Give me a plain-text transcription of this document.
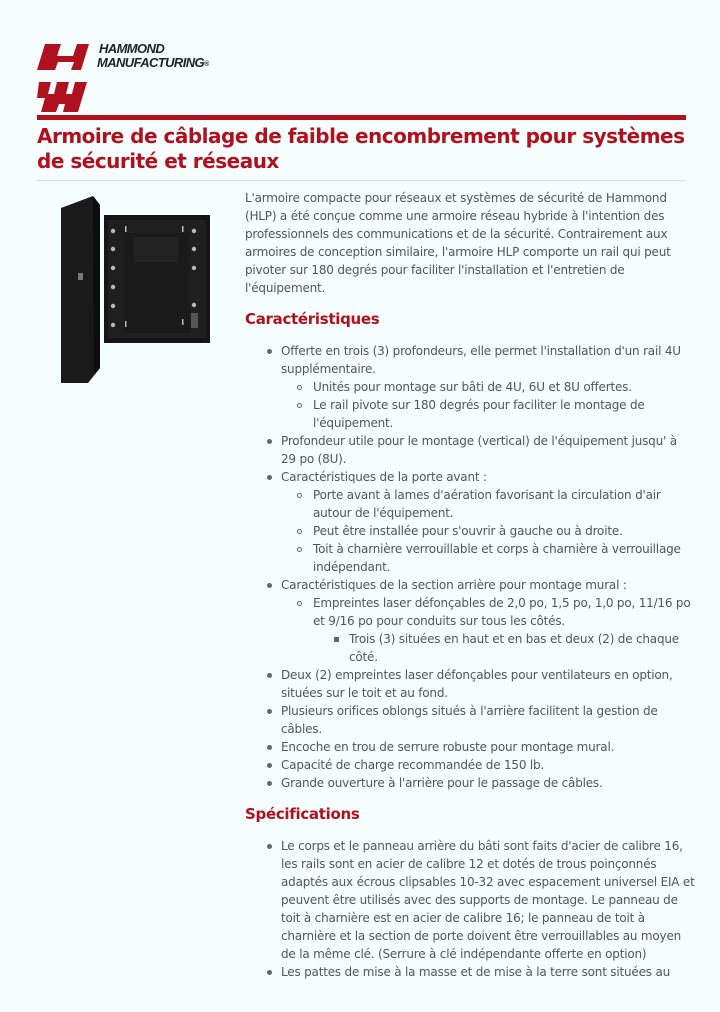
HAMMOND
MANUFACTURING®
Armoire de câblage de faible encombrement pour systèmes de sécurité et réseaux

L'armoire compacte pour réseaux et systèmes de sécurité de Hammond (HLP) a été conçue comme une armoire réseau hybride à l'intention des professionnels des communications et de la sécurité. Contrairement aux armoires de conception similaire, l'armoire HLP comporte un rail qui peut pivoter sur 180 degrés pour faciliter l'installation et l'entretien de l'équipement.

Caractéristiques
Offerte en trois (3) profondeurs, elle permet l'installation d'un rail 4U supplémentaire.
Unités pour montage sur bâti de 4U, 6U et 8U offertes.
Le rail pivote sur 180 degrés pour faciliter le montage de l'équipement.
Profondeur utile pour le montage (vertical) de l'équipement jusqu' à 29 po (8U).
Caractéristiques de la porte avant :
Porte avant à lames d'aération favorisant la circulation d'air autour de l'équipement.
Peut être installée pour s'ouvrir à gauche ou à droite.
Toit à charnière verrouillable et corps à charnière à verrouillage indépendant.
Caractéristiques de la section arrière pour montage mural :
Empreintes laser défonçables de 2,0 po, 1,5 po, 1,0 po, 11/16 po et 9/16 po pour conduits sur tous les côtés.
Trois (3) situées en haut et en bas et deux (2) de chaque côté.
Deux (2) empreintes laser défonçables pour ventilateurs en option, situées sur le toit et au fond.
Plusieurs orifices oblongs situés à l'arrière facilitent la gestion de câbles.
Encoche en trou de serrure robuste pour montage mural.
Capacité de charge recommandée de 150 lb.
Grande ouverture à l'arrière pour le passage de câbles.
Spécifications
Le corps et le panneau arrière du bâti sont faits d'acier de calibre 16, les rails sont en acier de calibre 12 et dotés de trous poinçonnés adaptés aux écrous clipsables 10-32 avec espacement universel EIA et peuvent être utilisés avec des supports de montage. Le panneau de toit à charnière est en acier de calibre 16; le panneau de toit à charnière et la section de porte doivent être verrouillables au moyen de la même clé. (Serrure à clé indépendante offerte en option)
Les pattes de mise à la masse et de mise à la terre sont situées au
